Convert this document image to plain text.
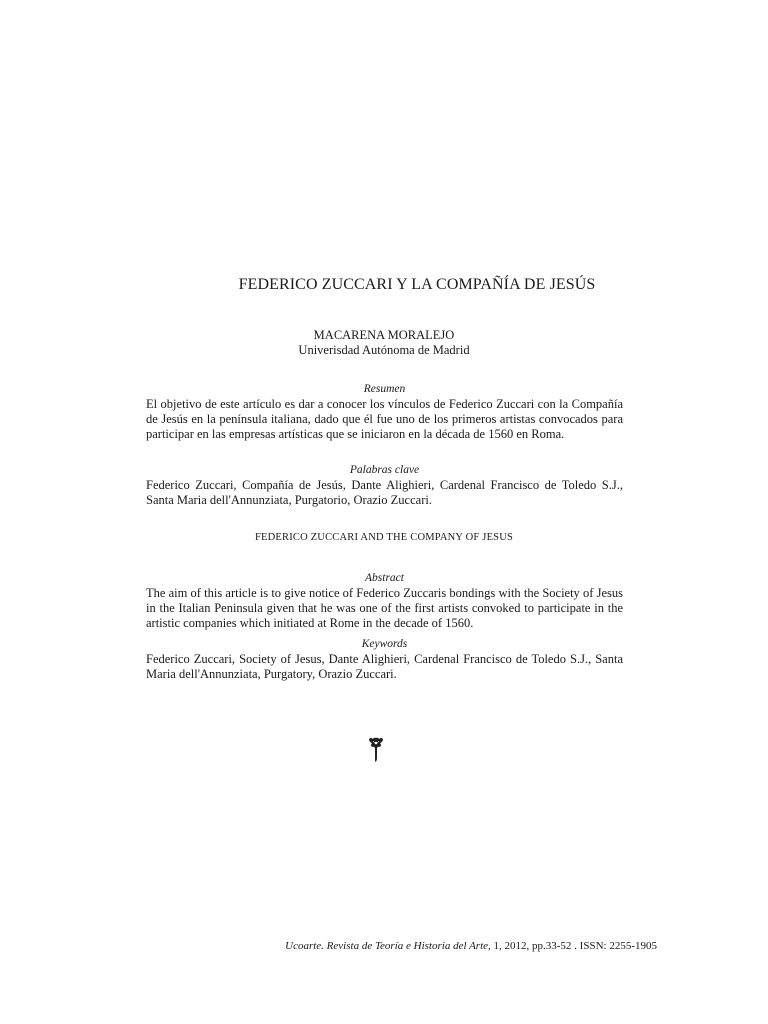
FEDERICO ZUCCARI Y LA COMPAÑÍA DE JESÚS
MACARENA MORALEJO
Univerisdad Autónoma de Madrid
Resumen
El objetivo de este artículo es dar a conocer los vínculos de Federico Zuccari con la Compañía de Jesús en la península italiana, dado que él fue uno de los primeros artistas convocados para participar en las empresas artísticas que se iniciaron en la década de 1560 en Roma.
Palabras clave
Federico Zuccari, Compañía de Jesús, Dante Alighieri, Cardenal Francisco de Toledo S.J., Santa Maria dell'Annunziata, Purgatorio, Orazio Zuccari.
FEDERICO ZUCCARI AND THE COMPANY OF JESUS
Abstract
The aim of this article is to give notice of Federico Zuccaris bondings with the Society of Jesus in the Italian Peninsula given that he was one of the first artists convoked to participate in the artistic companies which initiated at Rome in the decade of 1560.
Keywords
Federico Zuccari, Society of Jesus, Dante Alighieri, Cardenal Francisco de Toledo S.J., Santa Maria dell'Annunziata, Purgatory, Orazio Zuccari.
Ucoarte. Revista de Teoría e Historia del Arte, 1, 2012, pp.33-52 . ISSN: 2255-1905
